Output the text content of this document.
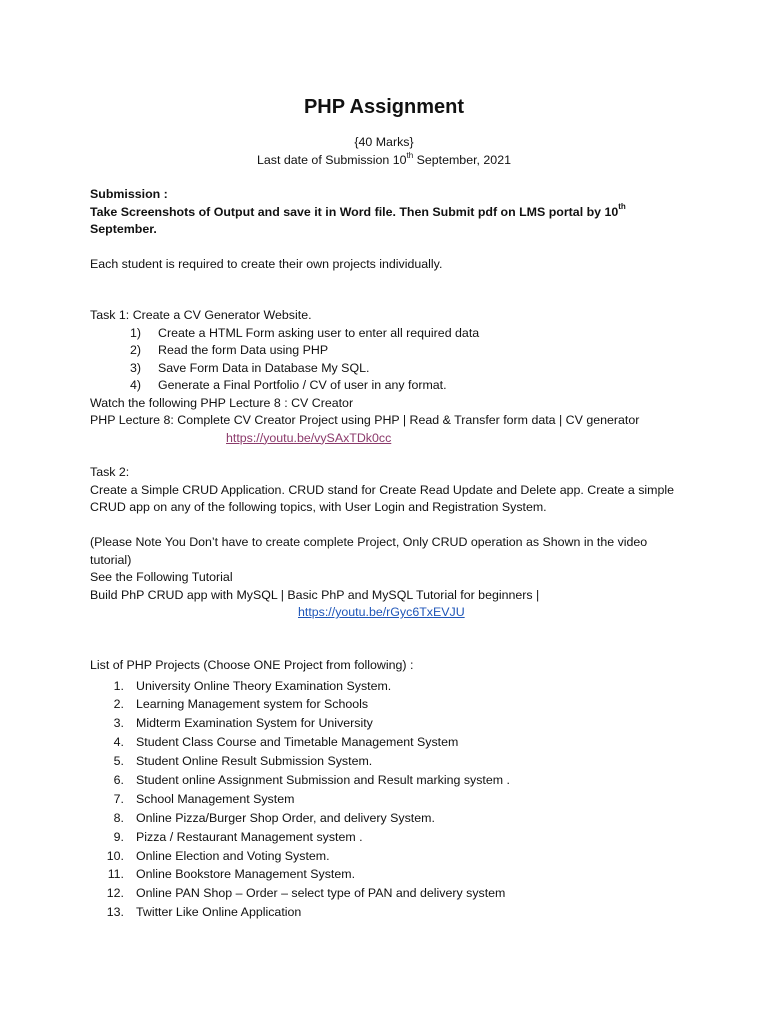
PHP Assignment
{40 Marks}
Last date of Submission 10th September, 2021
Submission :
Take Screenshots of Output and save it in Word file. Then Submit pdf on LMS portal by 10th
September.
Each student is required to create their own projects individually.
Task 1: Create a CV Generator Website.
1) Create a HTML Form asking user to enter all required data
2) Read the form Data using PHP
3) Save Form Data in Database My SQL.
4) Generate a Final Portfolio / CV of user in any format.
Watch the following PHP Lecture 8 : CV Creator
PHP Lecture 8: Complete CV Creator Project using PHP | Read & Transfer form data | CV generator
https://youtu.be/vySAxTDk0cc
Task 2:
Create a Simple CRUD Application. CRUD stand for Create Read Update and Delete app. Create a simple
CRUD app on any of the following topics, with User Login and Registration System.
(Please Note You Don’t have to create complete Project, Only CRUD operation as Shown in the video
tutorial)
See the Following Tutorial
Build PhP CRUD app with MySQL | Basic PhP and MySQL Tutorial for beginners |
https://youtu.be/rGyc6TxEVJU
List of PHP Projects (Choose ONE Project from following) :
1. University Online Theory Examination System.
2. Learning Management system for Schools
3. Midterm Examination System for University
4. Student Class Course and Timetable Management System
5. Student Online Result Submission System.
6. Student online Assignment Submission and Result marking system .
7. School Management System
8. Online Pizza/Burger Shop Order, and delivery System.
9. Pizza / Restaurant Management system .
10. Online Election and Voting System.
11. Online Bookstore Management System.
12. Online PAN Shop – Order – select type of PAN and delivery system
13. Twitter Like Online Application
